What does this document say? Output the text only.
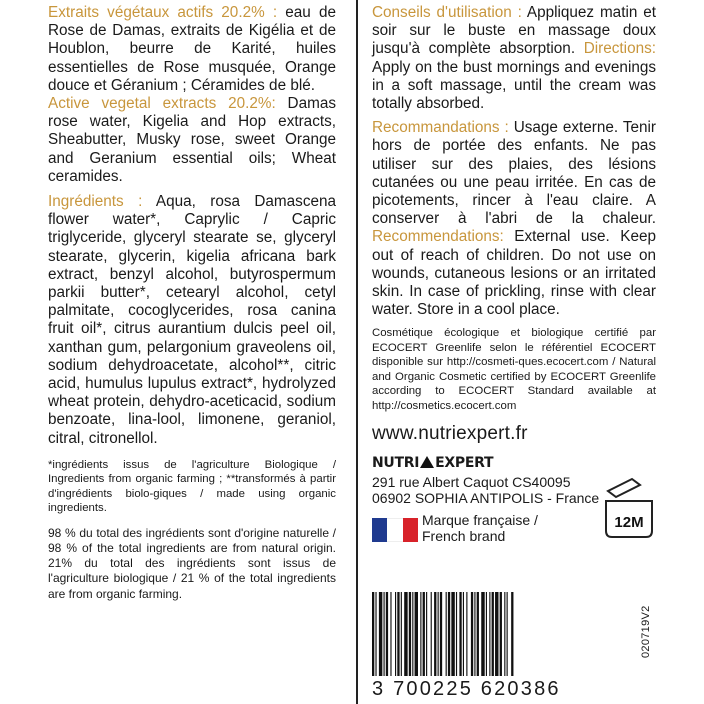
Extraits végétaux actifs 20.2% : eau de Rose de Damas, extraits de Kigélia et de Houblon, beurre de Karité, huiles essentielles de Rose musquée, Orange douce et Géranium ; Céramides de blé.

Active vegetal extracts 20.2%: Damas rose water, Kigelia and Hop extracts, Sheabutter, Musky rose, sweet Orange and Geranium essential oils; Wheat ceramides.

Ingrédients : Aqua, rosa Damascena flower water*, Caprylic / Capric triglyceride, glyceryl stearate se, glyceryl stearate, glycerin, kigelia africana bark extract, benzyl alcohol, butyrospermum parkii butter*, cetearyl alcohol, cetyl palmitate, cocoglycerides, rosa canina fruit oil*, citrus aurantium dulcis peel oil, xanthan gum, pelargonium graveolens oil, sodium dehydroacetate, alcohol**, citric acid, humulus lupulus extract*, hydrolyzed wheat protein, dehydro-aceticacid, sodium benzoate, lina-lool, limonene, geraniol, citral, citronellol.

*ingrédients issus de l'agriculture Biologique / Ingredients from organic farming ; **transformés à partir d'ingrédients biolo-giques / made using organic ingredients.

98 % du total des ingrédients sont d'origine naturelle / 98 % of the total ingredients are from natural origin. 21% du total des ingrédients sont issus de l'agriculture biologique / 21 % of the total ingredients are from organic farming.

Conseils d'utilisation : Appliquez matin et soir sur le buste en massage doux jusqu'à complète absorption. Directions: Apply on the bust mornings and evenings in a soft massage, until the cream was totally absorbed.

Recommandations : Usage externe. Tenir hors de portée des enfants. Ne pas utiliser sur des plaies, des lésions cutanées ou une peau irritée. En cas de picotements, rincer à l'eau claire. A conserver à l'abri de la chaleur. Recommendations: External use. Keep out of reach of children. Do not use on wounds, cutaneous lesions or an irritated skin. In case of prickling, rinse with clear water. Store in a cool place.

Cosmétique écologique et biologique certifié par ECOCERT Greenlife selon le référentiel ECOCERT disponible sur http://cosmeti-ques.ecocert.com / Natural and Organic Cosmetic certified by ECOCERT Greenlife according to ECOCERT Standard available at http://cosmetics.ecocert.com

www.nutriexpert.fr
NUTRI EXPERT
291 rue Albert Caquot CS40095
06902 SOPHIA ANTIPOLIS - France
Marque française /
French brand
12M
3 700225 620386
020719V2
